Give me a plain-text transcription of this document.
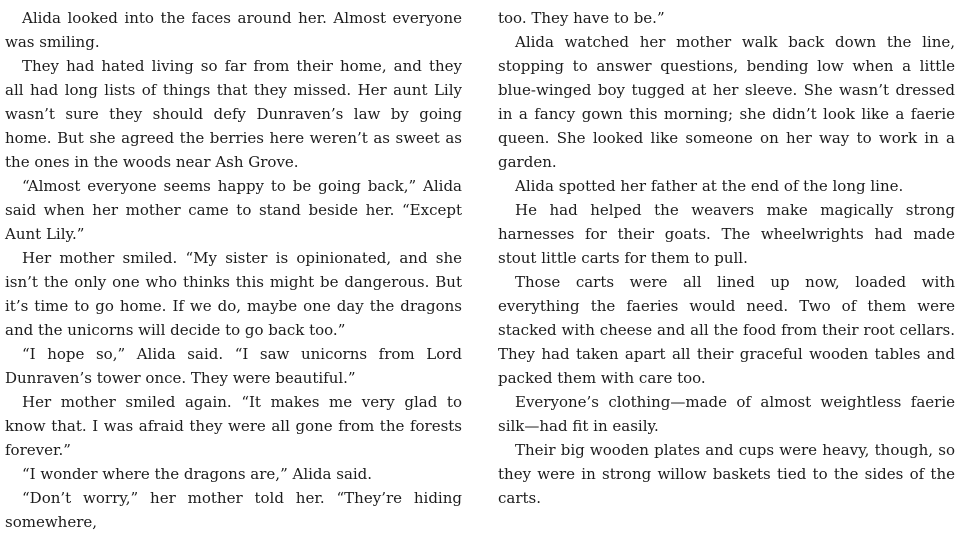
Alida looked into the faces around her. Almost everyone was smiling.

They had hated living so far from their home, and they all had long lists of things that they missed. Her aunt Lily wasn’t sure they should defy Dunraven’s law by going home. But she agreed the berries here weren’t as sweet as the ones in the woods near Ash Grove.

“Almost everyone seems happy to be going back,” Alida said when her mother came to stand beside her. “Except Aunt Lily.”

Her mother smiled. “My sister is opinionated, and she isn’t the only one who thinks this might be dangerous. But it’s time to go home. If we do, maybe one day the dragons and the unicorns will decide to go back too.”

“I hope so,” Alida said. “I saw unicorns from Lord Dunraven’s tower once. They were beautiful.”

Her mother smiled again. “It makes me very glad to know that. I was afraid they were all gone from the forests forever.”

“I wonder where the dragons are,” Alida said.

“Don’t worry,” her mother told her. “They’re hiding somewhere,

too. They have to be.”

Alida watched her mother walk back down the line, stopping to answer questions, bending low when a little blue-winged boy tugged at her sleeve. She wasn’t dressed in a fancy gown this morning; she didn’t look like a faerie queen. She looked like someone on her way to work in a garden.

Alida spotted her father at the end of the long line.

He had helped the weavers make magically strong harnesses for their goats. The wheelwrights had made stout little carts for them to pull.

Those carts were all lined up now, loaded with everything the faeries would need. Two of them were stacked with cheese and all the food from their root cellars. They had taken apart all their graceful wooden tables and packed them with care too.

Everyone’s clothing—made of almost weightless faerie silk—had fit in easily.

Their big wooden plates and cups were heavy, though, so they were in strong willow baskets tied to the sides of the carts.
